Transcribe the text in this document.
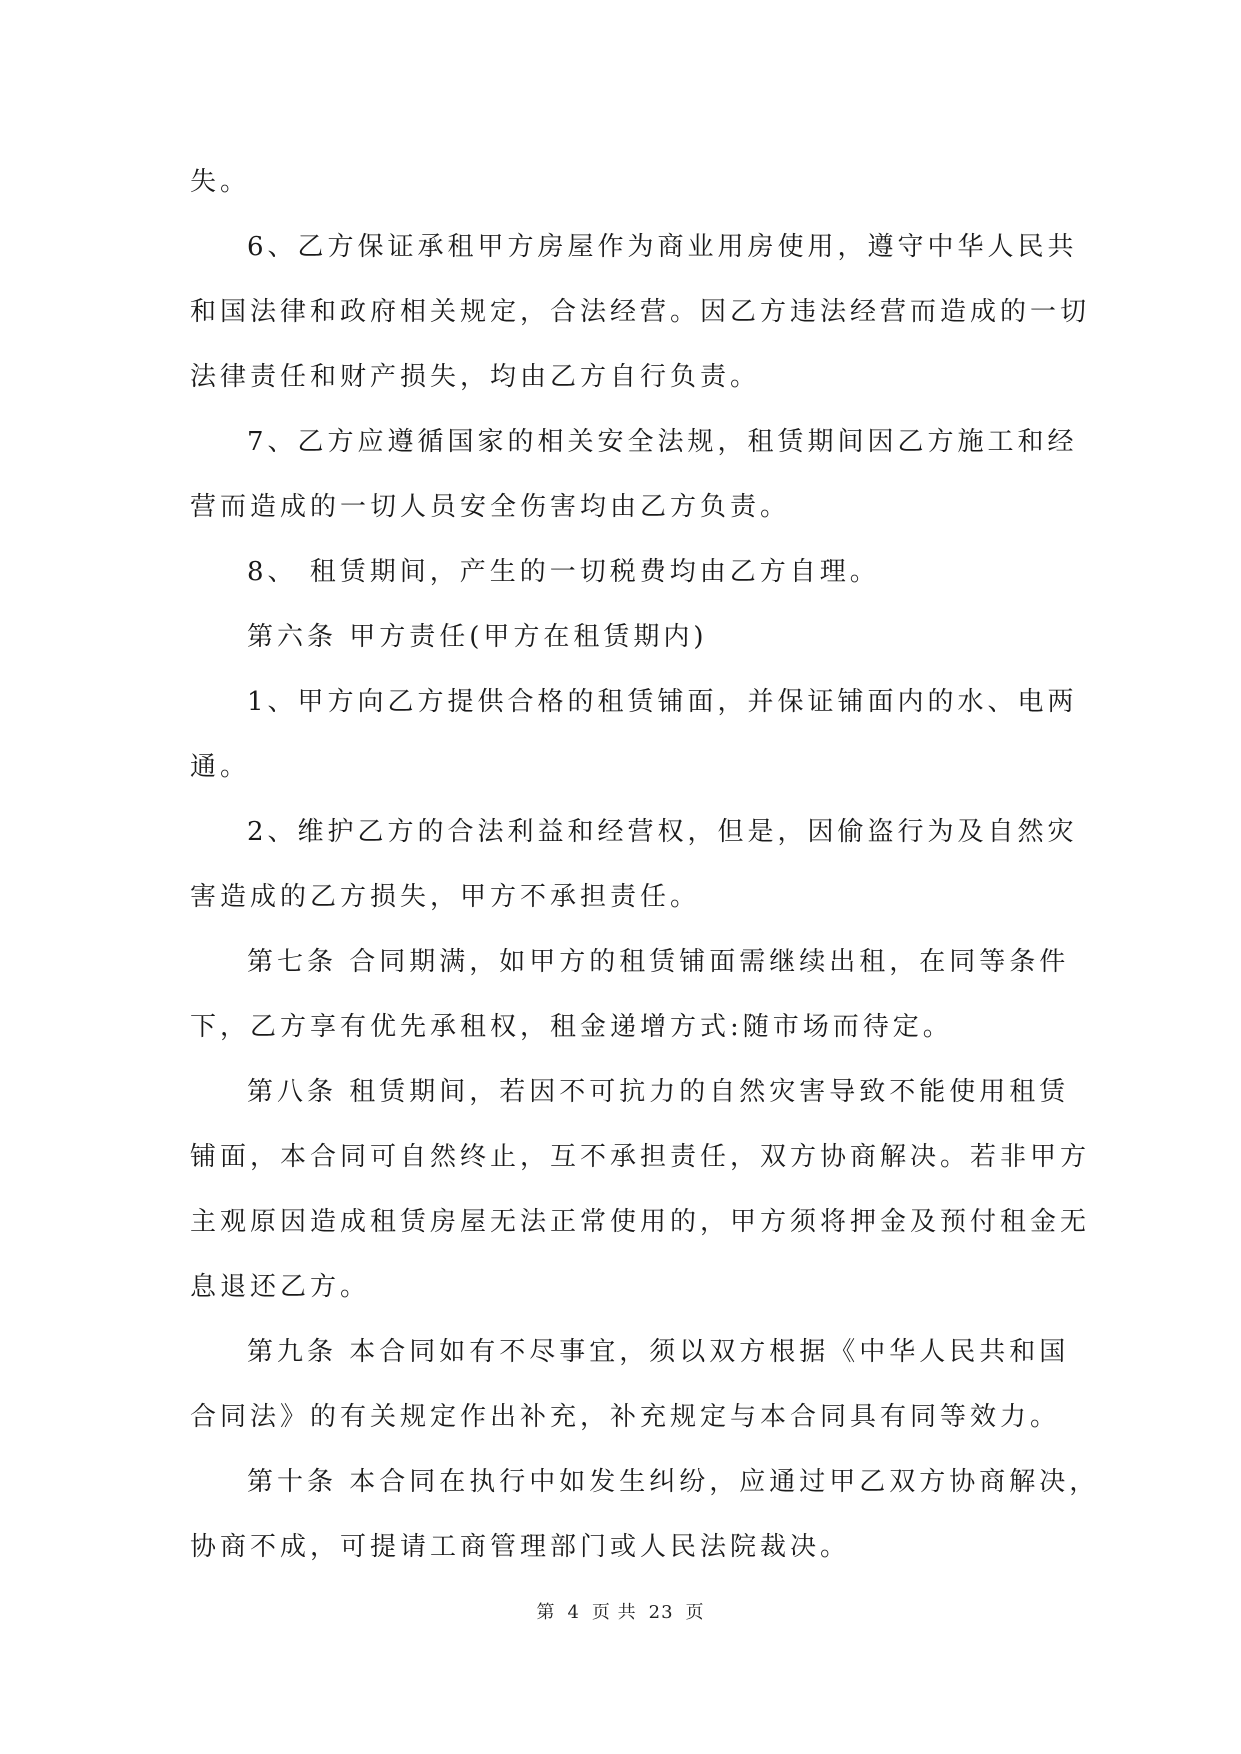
失。
6、乙方保证承租甲方房屋作为商业用房使用，遵守中华人民共
和国法律和政府相关规定，合法经营。因乙方违法经营而造成的一切
法律责任和财产损失，均由乙方自行负责。
7、乙方应遵循国家的相关安全法规，租赁期间因乙方施工和经
营而造成的一切人员安全伤害均由乙方负责。
8、 租赁期间，产生的一切税费均由乙方自理。
第六条 甲方责任(甲方在租赁期内)
1、甲方向乙方提供合格的租赁铺面，并保证铺面内的水、电两
通。
2、维护乙方的合法利益和经营权，但是，因偷盗行为及自然灾
害造成的乙方损失，甲方不承担责任。
第七条 合同期满，如甲方的租赁铺面需继续出租，在同等条件
下，乙方享有优先承租权，租金递增方式:随市场而待定。
第八条 租赁期间，若因不可抗力的自然灾害导致不能使用租赁
铺面，本合同可自然终止，互不承担责任，双方协商解决。若非甲方
主观原因造成租赁房屋无法正常使用的，甲方须将押金及预付租金无
息退还乙方。
第九条 本合同如有不尽事宜，须以双方根据《中华人民共和国
合同法》的有关规定作出补充，补充规定与本合同具有同等效力。
第十条 本合同在执行中如发生纠纷，应通过甲乙双方协商解决，
协商不成，可提请工商管理部门或人民法院裁决。
第 4 页 共 23 页
